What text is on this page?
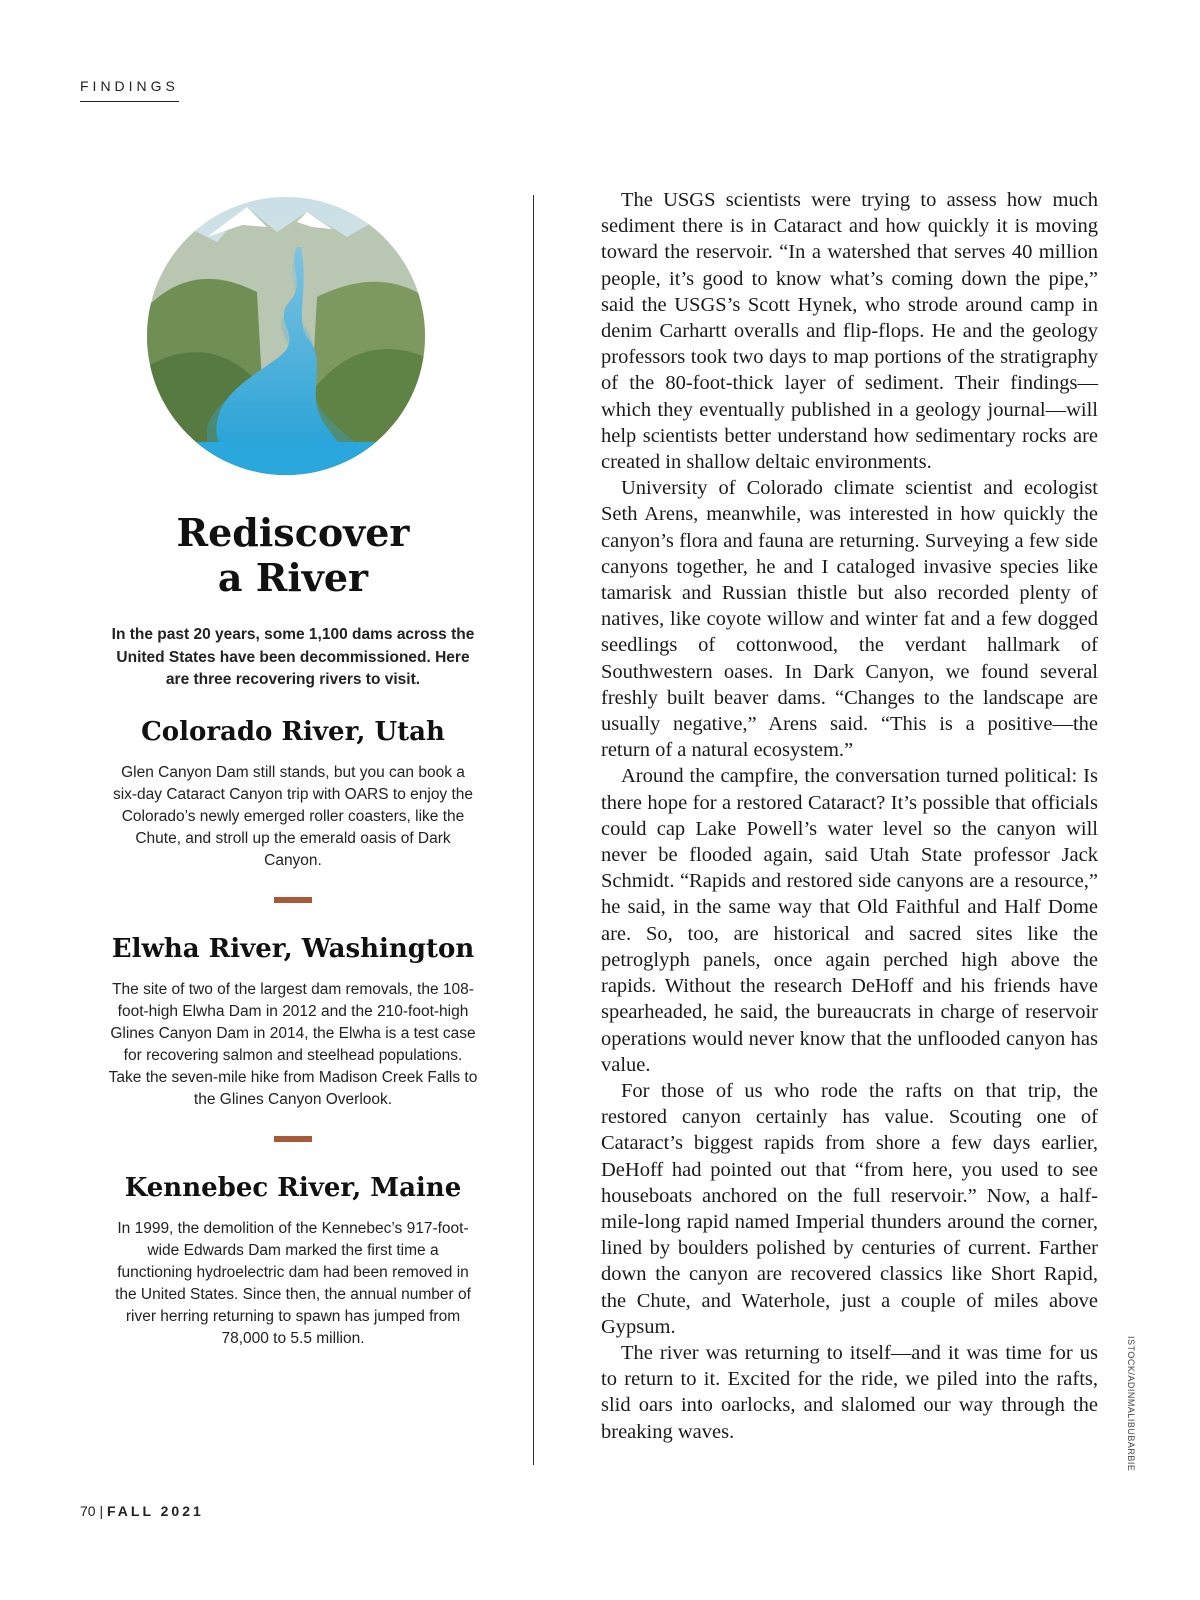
FINDINGS
Rediscover
a River

In the past 20 years, some 1,100 dams across the United States have been decommissioned. Here are three recovering rivers to visit.

Colorado River, Utah

Glen Canyon Dam still stands, but you can book a six-day Cataract Canyon trip with OARS to enjoy the Colorado’s newly emerged roller coasters, like the Chute, and stroll up the emerald oasis of Dark Canyon.

Elwha River, Washington

The site of two of the largest dam removals, the 108-foot-high Elwha Dam in 2012 and the 210-foot-high Glines Canyon Dam in 2014, the Elwha is a test case for recovering salmon and steelhead populations. Take the seven-mile hike from Madison Creek Falls to the Glines Canyon Overlook.

Kennebec River, Maine

In 1999, the demolition of the Kennebec’s 917-foot-wide Edwards Dam marked the first time a functioning hydroelectric dam had been removed in the United States. Since then, the annual number of river herring returning to spawn has jumped from 78,000 to 5.5 million.

The USGS scientists were trying to assess how much sediment there is in Cataract and how quickly it is moving toward the reservoir. “In a watershed that serves 40 million people, it’s good to know what’s coming down the pipe,” said the USGS’s Scott Hynek, who strode around camp in denim Carhartt overalls and flip-flops. He and the geology professors took two days to map portions of the stratigraphy of the 80-foot-thick layer of sediment. Their findings—which they eventually published in a geology journal—will help scientists better understand how sedimentary rocks are created in shallow deltaic environments.

University of Colorado climate scientist and ecologist Seth Arens, meanwhile, was interested in how quickly the canyon’s flora and fauna are returning. Surveying a few side canyons together, he and I cataloged invasive species like tamarisk and Russian thistle but also recorded plenty of natives, like coyote willow and winter fat and a few dogged seedlings of cottonwood, the verdant hallmark of Southwestern oases. In Dark Canyon, we found several freshly built beaver dams. “Changes to the landscape are usually negative,” Arens said. “This is a positive—the return of a natural ecosystem.”

Around the campfire, the conversation turned political: Is there hope for a restored Cataract? It’s possible that officials could cap Lake Powell’s water level so the canyon will never be flooded again, said Utah State professor Jack Schmidt. “Rapids and restored side canyons are a resource,” he said, in the same way that Old Faithful and Half Dome are. So, too, are historical and sacred sites like the petroglyph panels, once again perched high above the rapids. Without the research DeHoff and his friends have spearheaded, he said, the bureaucrats in charge of reservoir operations would never know that the unflooded canyon has value.

For those of us who rode the rafts on that trip, the restored canyon certainly has value. Scouting one of Cataract’s biggest rapids from shore a few days earlier, DeHoff had pointed out that “from here, you used to see houseboats anchored on the full reservoir.” Now, a half-mile-long rapid named Imperial thunders around the corner, lined by boulders polished by centuries of current. Farther down the canyon are recovered classics like Short Rapid, the Chute, and Waterhole, just a couple of miles above Gypsum.

The river was returning to itself—and it was time for us to return to it. Excited for the ride, we piled into the rafts, slid oars into oarlocks, and slalomed our way through the breaking waves.

70 | FALL 2021
ISTOCK/ADINMALIBUBARBIE
